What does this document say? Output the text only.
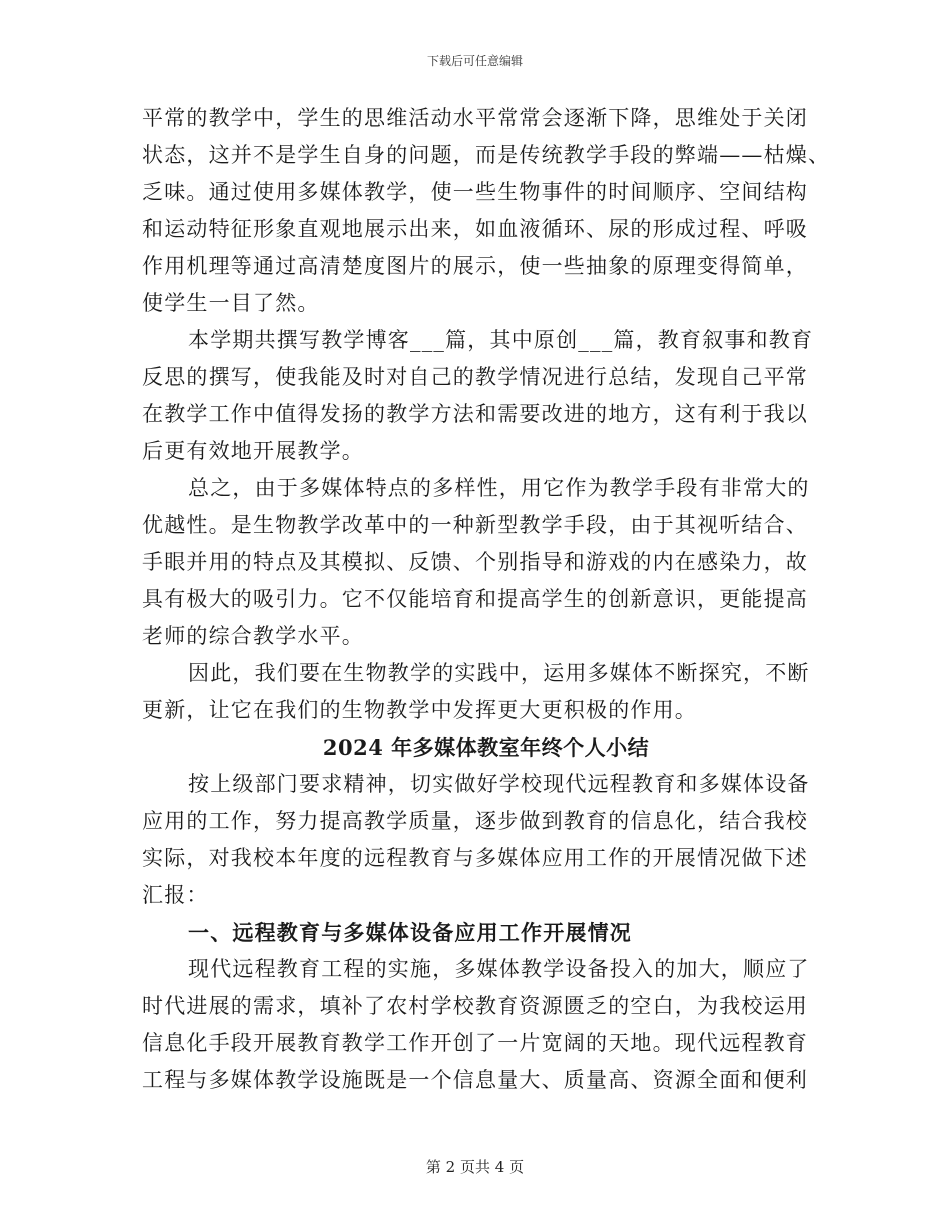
下载后可任意编辑
平常的教学中，学生的思维活动水平常常会逐渐下降，思维处于关闭
状态，这并不是学生自身的问题，而是传统教学手段的弊端——枯燥、
乏味。通过使用多媒体教学，使一些生物事件的时间顺序、空间结构
和运动特征形象直观地展示出来，如血液循环、尿的形成过程、呼吸
作用机理等通过高清楚度图片的展示，使一些抽象的原理变得简单，
使学生一目了然。
本学期共撰写教学博客___篇，其中原创___篇，教育叙事和教育
反思的撰写，使我能及时对自己的教学情况进行总结，发现自己平常
在教学工作中值得发扬的教学方法和需要改进的地方，这有利于我以
后更有效地开展教学。
总之，由于多媒体特点的多样性，用它作为教学手段有非常大的
优越性。是生物教学改革中的一种新型教学手段，由于其视听结合、
手眼并用的特点及其模拟、反馈、个别指导和游戏的内在感染力，故
具有极大的吸引力。它不仅能培育和提高学生的创新意识，更能提高
老师的综合教学水平。
因此，我们要在生物教学的实践中，运用多媒体不断探究，不断
更新，让它在我们的生物教学中发挥更大更积极的作用。
2024 年多媒体教室年终个人小结
按上级部门要求精神，切实做好学校现代远程教育和多媒体设备
应用的工作，努力提高教学质量，逐步做到教育的信息化，结合我校
实际，对我校本年度的远程教育与多媒体应用工作的开展情况做下述
汇报：
一、远程教育与多媒体设备应用工作开展情况
现代远程教育工程的实施，多媒体教学设备投入的加大，顺应了
时代进展的需求，填补了农村学校教育资源匮乏的空白，为我校运用
信息化手段开展教育教学工作开创了一片宽阔的天地。现代远程教育
工程与多媒体教学设施既是一个信息量大、质量高、资源全面和便利
第 2 页共 4 页
